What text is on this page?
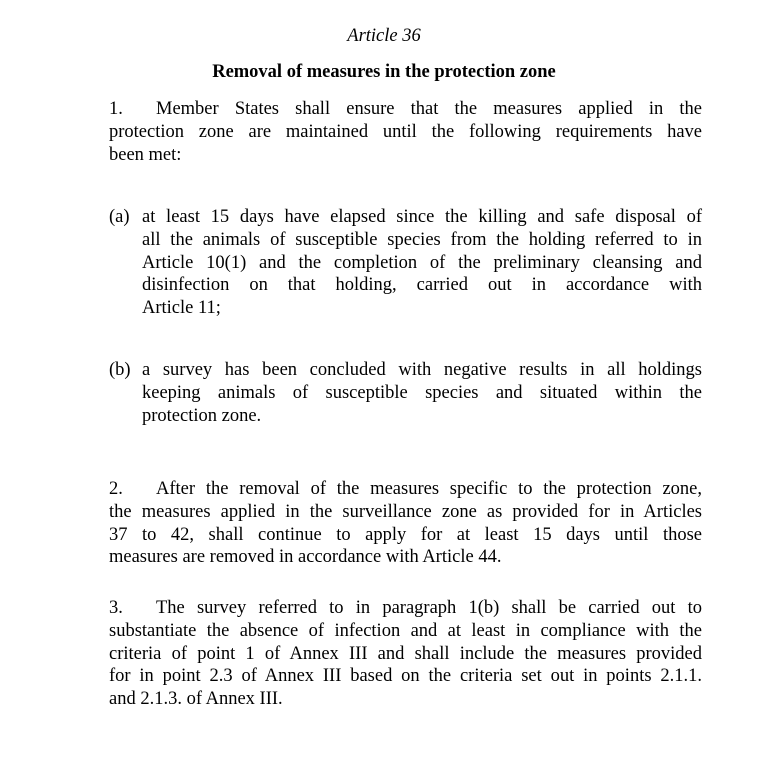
Article 36
Removal of measures in the protection zone
1. Member States shall ensure that the measures applied in the
protection zone are maintained until the following requirements have
been met:
(a) at least 15 days have elapsed since the killing and safe disposal of
all the animals of susceptible species from the holding referred to in
Article 10(1) and the completion of the preliminary cleansing and
disinfection on that holding, carried out in accordance with
Article 11;
(b) a survey has been concluded with negative results in all holdings
keeping animals of susceptible species and situated within the
protection zone.
2. After the removal of the measures specific to the protection zone,
the measures applied in the surveillance zone as provided for in Articles
37 to 42, shall continue to apply for at least 15 days until those
measures are removed in accordance with Article 44.
3. The survey referred to in paragraph 1(b) shall be carried out to
substantiate the absence of infection and at least in compliance with the
criteria of point 1 of Annex III and shall include the measures provided
for in point 2.3 of Annex III based on the criteria set out in points 2.1.1.
and 2.1.3. of Annex III.
